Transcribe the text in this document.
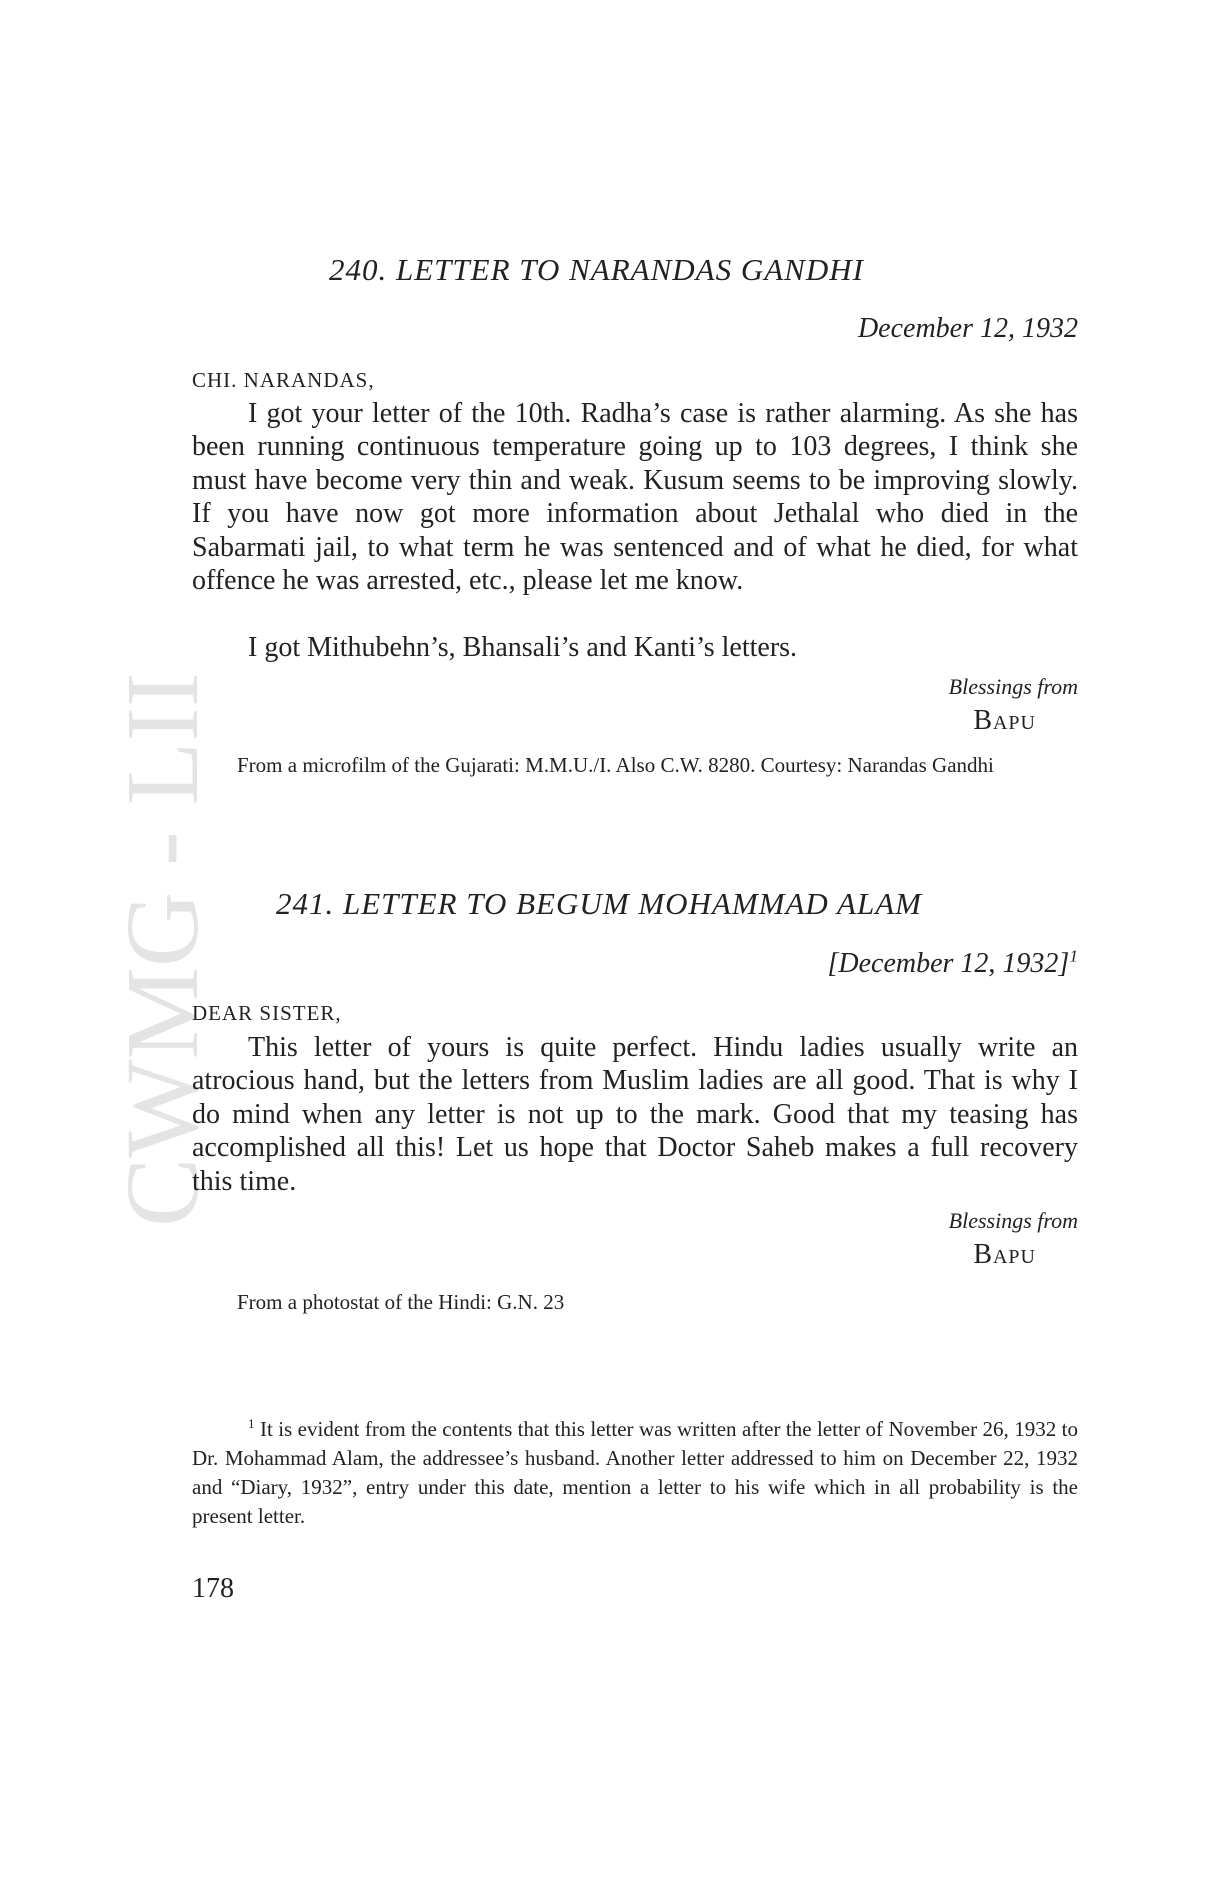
CWMG - LII
240. LETTER TO NARANDAS GANDHI
December 12, 1932
CHI. NARANDAS,

I got your letter of the 10th. Radha’s case is rather alarming. As she has been running continuous temperature going up to 103 degrees, I think she must have become very thin and weak. Kusum seems to be improving slowly. If you have now got more information about Jethalal who died in the Sabarmati jail, to what term he was sentenced and of what he died, for what offence he was arrested, etc., please let me know.

I got Mithubehn’s, Bhansali’s and Kanti’s letters.

Blessings from
Bapu

From a microfilm of the Gujarati: M.M.U./I. Also C.W. 8280. Courtesy: Narandas Gandhi

241. LETTER TO BEGUM MOHAMMAD ALAM
[December 12, 1932]$^1$
DEAR SISTER,

This letter of yours is quite perfect. Hindu ladies usually write an atrocious hand, but the letters from Muslim ladies are all good. That is why I do mind when any letter is not up to the mark. Good that my teasing has accomplished all this! Let us hope that Doctor Saheb makes a full recovery this time.

Blessings from
Bapu

From a photostat of the Hindi: G.N. 23

$^1$ It is evident from the contents that this letter was written after the letter of November 26, 1932 to Dr. Mohammad Alam, the addressee’s husband. Another letter addressed to him on December 22, 1932 and “Diary, 1932”, entry under this date, mention a letter to his wife which in all probability is the present letter.

178
